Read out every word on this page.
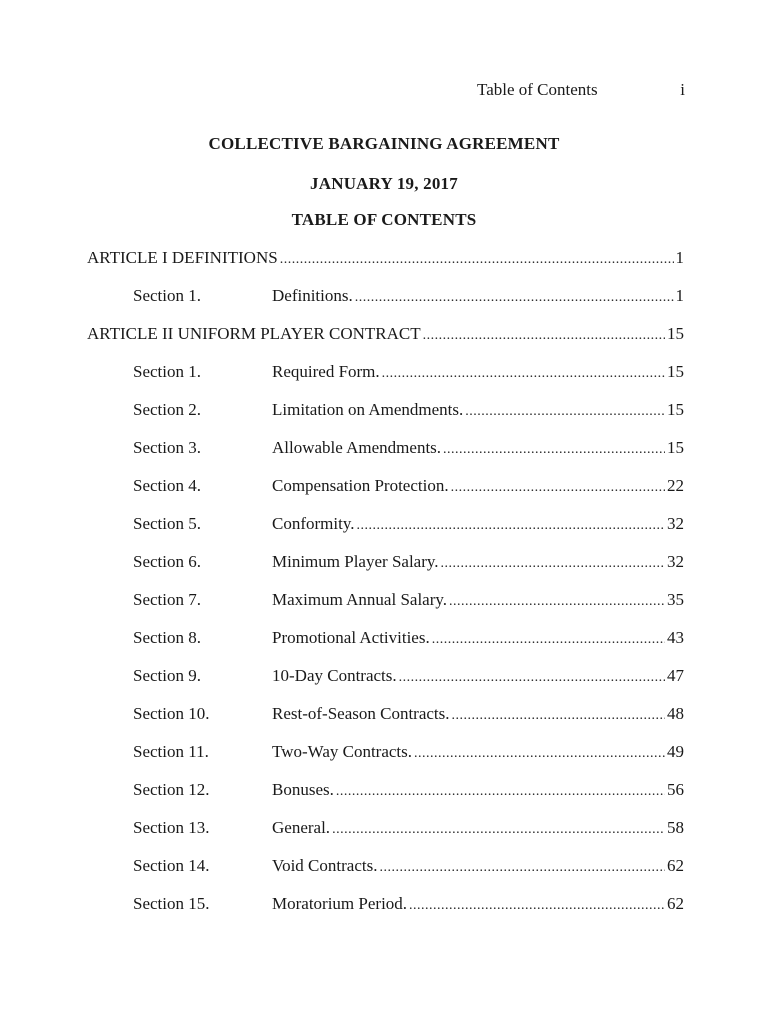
Table of Contents	i
COLLECTIVE BARGAINING AGREEMENT
JANUARY 19, 2017
TABLE OF CONTENTS
ARTICLE I DEFINITIONS .....	1
Section 1.	Definitions. .....	1
ARTICLE II UNIFORM PLAYER CONTRACT .....	15
Section 1.	Required Form. .....	15
Section 2.	Limitation on Amendments. .....	15
Section 3.	Allowable Amendments. .....	15
Section 4.	Compensation Protection. .....	22
Section 5.	Conformity. .....	32
Section 6.	Minimum Player Salary. .....	32
Section 7.	Maximum Annual Salary. .....	35
Section 8.	Promotional Activities. .....	43
Section 9.	10-Day Contracts. .....	47
Section 10.	Rest-of-Season Contracts. .....	48
Section 11.	Two-Way Contracts. .....	49
Section 12.	Bonuses. .....	56
Section 13.	General. .....	58
Section 14.	Void Contracts. .....	62
Section 15.	Moratorium Period. .....	62
